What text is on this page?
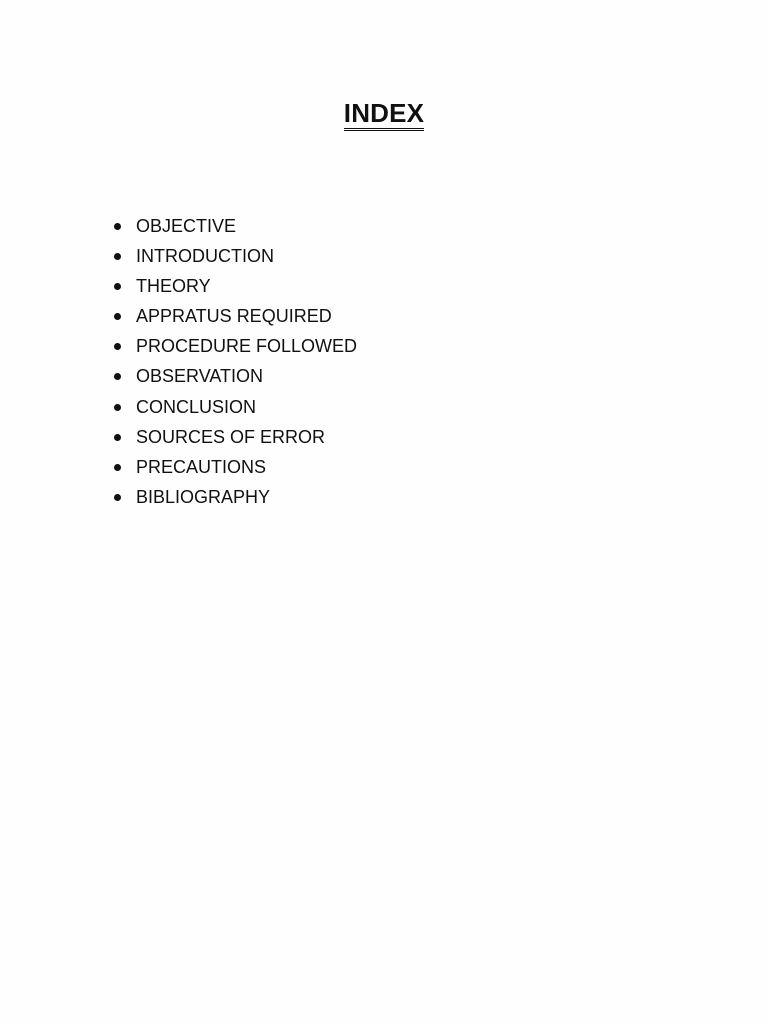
INDEX
OBJECTIVE
INTRODUCTION
THEORY
APPRATUS REQUIRED
PROCEDURE FOLLOWED
OBSERVATION
CONCLUSION
SOURCES OF ERROR
PRECAUTIONS
BIBLIOGRAPHY
